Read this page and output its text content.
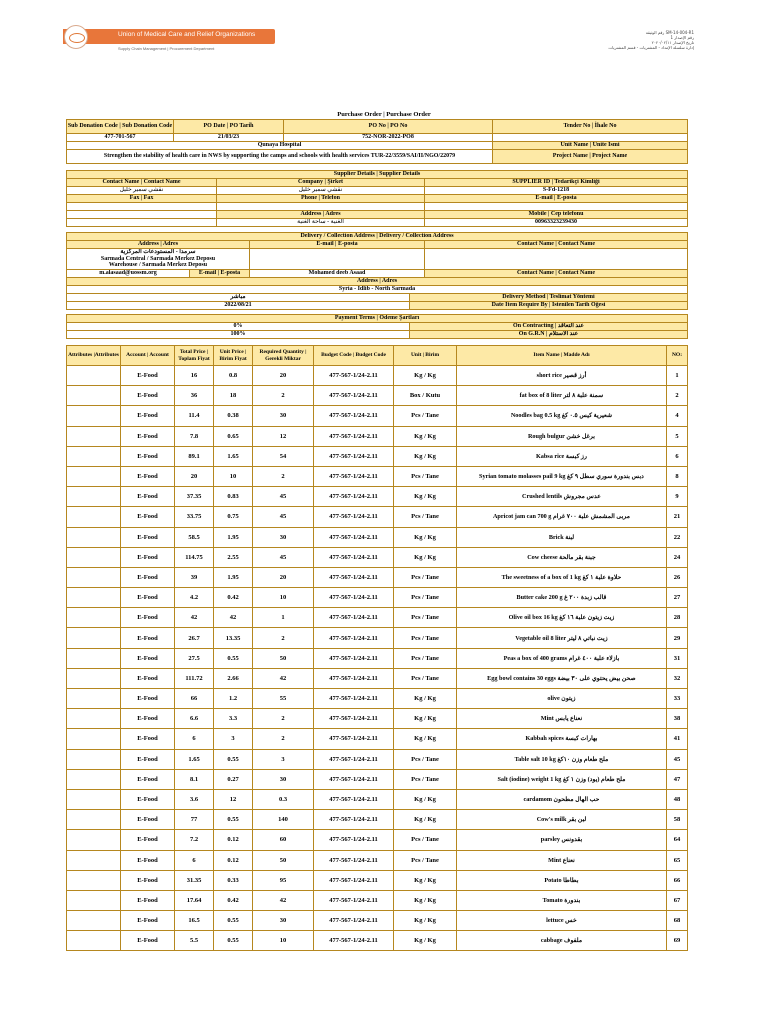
Union of Medical Care and Relief Organizations
Supply Chain Management | Procurement Department
SM-14-004-R1 رقم الوثيقة
رقم الإصدار 1
تاريخ الإصدار ٢٠٢٠/٠٢/١١
إدارة سلسلة الإمداد - المشتريات - قسم المشتريات
Purchase Order | Purchase Order
Sub Donation Code | Sub Donation Code	PO Date | PO Tarih	PO No | PO No	Tender No | İhale No
477-701-567	21/03/23	752-NOR-2022-PO8	
Qunaya Hospital			Unit Name | Unite Ismi
Strengthen the stability of health care in NWS by supporting the camps and schools with health services TUR-22/3559/SAI/II/NGO/22079			Project Name | Project Name
Supplier Details | Supplier Details		
Contact Name | Contact Name	Company | Şirket	SUPPLIER ID | Tedarikçi Kimliği
نقشي سمير خليل	نقشي سمير خليل	S-Fd-1218
Fax | Fax	Phone | Telefon	E-mail | E-posta

	Address | Adres	Mobile | Cep telefonu
	الغنية - ساحة الغنية	00963323239430
Delivery / Collection Address | Delivery / Collection Address			
Address | Adres		E-mail | E-posta	Contact Name | Contact Name
سرمدا - المستودعات المركزية
Sarmada Central / Sarmada Merkez Deposu
Warehouse / Sarmada Merkez Deposu			
m.alasaad@uossm.org	E-mail | E-posta	Mohamed deeb Asaad	Contact Name | Contact Name
Address | Adres			
Syria - Idlib - North Sarmada			
مباشر	Delivery Method | Teslimat Yöntemi
2022/08/21	Date Item Require By | İstenilen Tarih Öğesi
Payment Terms | Ödeme Şartları	
0%	On Contracting | عند التعاقد
100%	On G.R.N | عند الاستلام
Attributes |Attributes	Account | Account	Total Price | Toplam Fiyat	Unit Price | Birim Fiyat	Required Quantity | Gerekli Miktar	Budget Code | Budget Code	Unit | Birim	Item Name | Madde Adı	NO:
	E-Food	16	0.8	20	477-567-1/24-2.11	Kg / Kg	short rice أرز قصير	1
	E-Food	36	18	2	477-567-1/24-2.11	Box / Kutu	fat box of 8 liter سمنة علبة ٨ لتر	2
	E-Food	11.4	0.38	30	477-567-1/24-2.11	Pcs / Tane	Noodles bag 0.5 kg شعيرية كيس ٠.٥ كغ	4
	E-Food	7.8	0.65	12	477-567-1/24-2.11	Kg / Kg	Rough bulgur برغل خشن	5
	E-Food	89.1	1.65	54	477-567-1/24-2.11	Kg / Kg	Kabsa rice رز كبسة	6
	E-Food	20	10	2	477-567-1/24-2.11	Pcs / Tane	Syrian tomato molasses pail 9 kg دبس بندورة سوري سطل ٩ كغ	8
	E-Food	37.35	0.83	45	477-567-1/24-2.11	Kg / Kg	Crushed lentils عدس مجروش	9
	E-Food	33.75	0.75	45	477-567-1/24-2.11	Pcs / Tane	Apricot jam can 700 g مربى المشمش علبة ٧٠٠ غرام	21
	E-Food	58.5	1.95	30	477-567-1/24-2.11	Kg / Kg	Brick لبنة	22
	E-Food	114.75	2.55	45	477-567-1/24-2.11	Kg / Kg	Cow cheese جبنة بقر مالحة	24
	E-Food	39	1.95	20	477-567-1/24-2.11	Pcs / Tane	The sweetness of a box of 1 kg حلاوة علبة ١ كغ	26
	E-Food	4.2	0.42	10	477-567-1/24-2.11	Pcs / Tane	Butter cake 200 g قالب زبدة ٢٠٠ غ	27
	E-Food	42	42	1	477-567-1/24-2.11	Pcs / Tane	Olive oil box 16 kg زيت زيتون علبة ١٦ كغ	28
	E-Food	26.7	13.35	2	477-567-1/24-2.11	Pcs / Tane	Vegetable oil 8 liter زيت نباتي ٨ ليتر	29
	E-Food	27.5	0.55	50	477-567-1/24-2.11	Pcs / Tane	Peas a box of 400 grams بازلاء علبة ٤٠٠ غرام	31
	E-Food	111.72	2.66	42	477-567-1/24-2.11	Pcs / Tane	Egg bowl contains 30 eggs صحن بيض يحتوي على ٣٠ بيضة	32
	E-Food	66	1.2	55	477-567-1/24-2.11	Kg / Kg	olive زيتون	33
	E-Food	6.6	3.3	2	477-567-1/24-2.11	Kg / Kg	Mint نعناع يابس	38
	E-Food	6	3	2	477-567-1/24-2.11	Kg / Kg	Kabbah spices بهارات كبسة	41
	E-Food	1.65	0.55	3	477-567-1/24-2.11	Pcs / Tane	Table salt 10 kg ملح طعام وزن ١٠كغ	45
	E-Food	8.1	0.27	30	477-567-1/24-2.11	Pcs / Tane	Salt (iodine) weight 1 kg ملح طعام (يود) وزن ١ كغ	47
	E-Food	3.6	12	0.3	477-567-1/24-2.11	Kg / Kg	cardamom حب الهال مطحون	48
	E-Food	77	0.55	140	477-567-1/24-2.11	Kg / Kg	Cow's milk لبن بقر	58
	E-Food	7.2	0.12	60	477-567-1/24-2.11	Pcs / Tane	parsley بقدونس	64
	E-Food	6	0.12	50	477-567-1/24-2.11	Pcs / Tane	Mint نعناع	65
	E-Food	31.35	0.33	95	477-567-1/24-2.11	Kg / Kg	Potato بطاطا	66
	E-Food	17.64	0.42	42	477-567-1/24-2.11	Kg / Kg	Tomato بندورة	67
	E-Food	16.5	0.55	30	477-567-1/24-2.11	Kg / Kg	lettuce خس	68
	E-Food	5.5	0.55	10	477-567-1/24-2.11	Kg / Kg	cabbage ملفوف	69
